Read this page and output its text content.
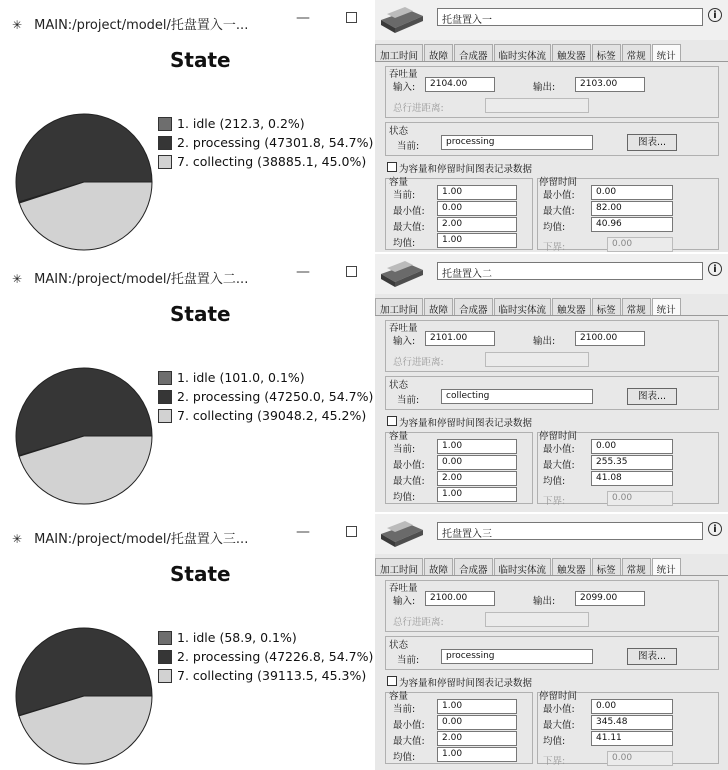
✳ MAIN:/project/model/托盘置入一...	—
State
1. idle (212.3, 0.2%)
2. processing (47301.8, 54.7%)
7. collecting (38885.1, 45.0%)
托盘置入一	i
加工时间	故障	合成器	临时实体流	触发器	标签	常规	统计
吞吐量
输入:	2104.00	输出:	2103.00
总行进距离:
状态
当前:	processing	图表...
为容量和停留时间图表记录数据
容量
当前:	1.00
最小值:	0.00
最大值:	2.00
均值:	1.00
停留时间
最小值:	0.00
最大值:	82.00
均值:	40.96
下界:	0.00
✳ MAIN:/project/model/托盘置入二...	—
State
1. idle (101.0, 0.1%)
2. processing (47250.0, 54.7%)
7. collecting (39048.2, 45.2%)
托盘置入二	i
加工时间	故障	合成器	临时实体流	触发器	标签	常规	统计
吞吐量
输入:	2101.00	输出:	2100.00
总行进距离:
状态
当前:	collecting	图表...
为容量和停留时间图表记录数据
容量
当前:	1.00
最小值:	0.00
最大值:	2.00
均值:	1.00
停留时间
最小值:	0.00
最大值:	255.35
均值:	41.08
下界:	0.00
✳ MAIN:/project/model/托盘置入三...	—
State
1. idle (58.9, 0.1%)
2. processing (47226.8, 54.7%)
7. collecting (39113.5, 45.3%)
托盘置入三	i
加工时间	故障	合成器	临时实体流	触发器	标签	常规	统计
吞吐量
输入:	2100.00	输出:	2099.00
总行进距离:
状态
当前:	processing	图表...
为容量和停留时间图表记录数据
容量
当前:	1.00
最小值:	0.00
最大值:	2.00
均值:	1.00
停留时间
最小值:	0.00
最大值:	345.48
均值:	41.11
下界:	0.00
